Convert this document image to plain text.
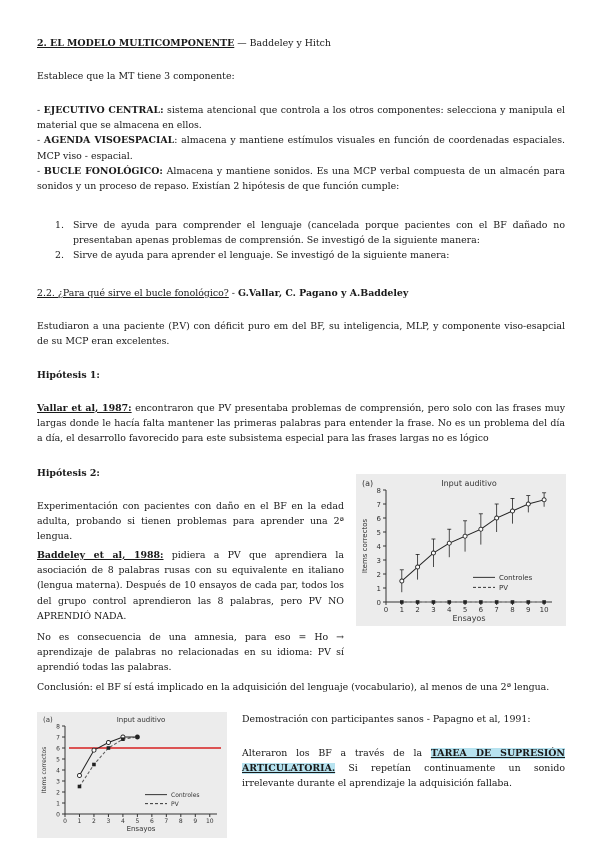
2. EL MODELO MULTICOMPONENTE — Baddeley y Hitch

Establece que la MT tiene 3 componente:

- EJECUTIVO CENTRAL: sistema atencional que controla a los otros componentes: selecciona y manipula el material que se almacena en ellos.
- AGENDA VISOESPACIAL: almacena y mantiene estímulos visuales en función de coordenadas espaciales. MCP viso - espacial.
- BUCLE FONOLÓGICO: Almacena y mantiene sonidos. Es una MCP verbal compuesta de un almacén para sonidos y un proceso de repaso. Existían 2 hipótesis de que función cumple:
1. Sirve de ayuda para comprender el lenguaje (cancelada porque pacientes con el BF dañado no presentaban apenas problemas de comprensión. Se investigó de la siguiente manera:
2. Sirve de ayuda para aprender el lenguaje. Se investigó de la siguiente manera:

2.2. ¿Para qué sirve el bucle fonológico? - G.Vallar, C. Pagano y A.Baddeley

Estudiaron a una paciente (P.V) con déficit puro em del BF, su inteligencia, MLP, y componente viso-esapcial de su MCP eran excelentes.

Hipótesis 1:

Vallar et al, 1987: encontraron que PV presentaba problemas de comprensión, pero solo con las frases muy largas donde le hacía falta mantener las primeras palabras para entender la frase. No es un problema del día a día, el desarrollo favorecido para este subsistema especial para las frases largas no es lógico

Hipótesis 2:

Experimentación con pacientes con daño en el BF en la edad adulta, probando si tienen problemas para aprender una 2ª lengua.

Baddeley et al, 1988: pidiera a PV que aprendiera la asociación de 8 palabras rusas con su equivalente en italiano (lengua materna). Después de 10 ensayos de cada par, todos los del grupo control aprendieron las 8 palabras, pero PV NO APRENDIÓ NADA.

No es consecuencia de una amnesia, para eso = Ho → aprendizaje de palabras no relacionadas en su idioma: PV sí aprendió todas las palabras.

Conclusión: el BF sí está implicado en la adquisición del lenguaje (vocabulario), al menos de una 2ª lengua.

Demostración con participantes sanos - Papagno et al, 1991:

Alteraron los BF a través de la TAREA DE SUPRESIÓN ARTICULATORIA. Si repetían continuamente un sonido irrelevante durante el aprendizaje la adquisición fallaba.

(a)	Input auditivo
0
1
2
3
4
5
6
7
8
0 1 2 3 4 5 6 7 8 9 10
Ensayos
Items correctos
Controles
PV
(a)	Input auditivo
0
1
2
3
4
5
6
7
8
0 1 2 3 4 5 6 7 8 9 10
Ensayos
Items correctos
Controles
PV
